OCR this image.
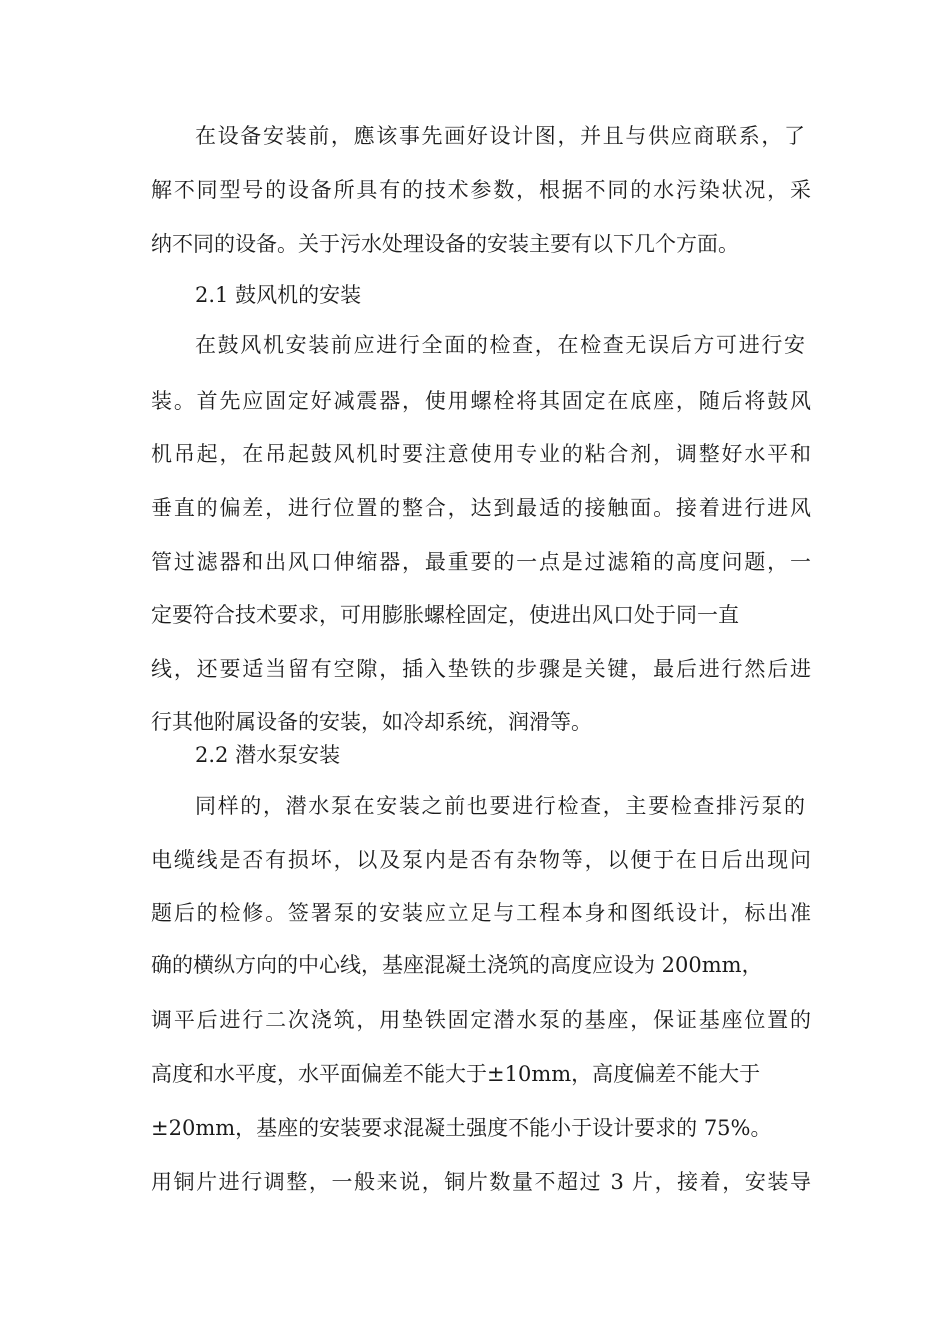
在设备安装前，應该事先画好设计图，并且与供应商联系，了
解不同型号的设备所具有的技术参数，根据不同的水污染状况，采
纳不同的设备。关于污水处理设备的安装主要有以下几个方面。
2.1 鼓风机的安装
在鼓风机安装前应进行全面的检查，在检查无误后方可进行安
装。首先应固定好减震器，使用螺栓将其固定在底座，随后将鼓风
机吊起，在吊起鼓风机时要注意使用专业的粘合剂，调整好水平和
垂直的偏差，进行位置的整合，达到最适的接触面。接着进行进风
管过滤器和出风口伸缩器，最重要的一点是过滤箱的高度问题，一
定要符合技术要求，可用膨胀螺栓固定，使进出风口处于同一直
线，还要适当留有空隙，插入垫铁的步骤是关键，最后进行然后进
行其他附属设备的安装，如冷却系统，润滑等。
2.2 潜水泵安装
同样的，潜水泵在安装之前也要进行检查，主要检查排污泵的
电缆线是否有损坏，以及泵内是否有杂物等，以便于在日后出现问
题后的检修。签署泵的安装应立足与工程本身和图纸设计，标出准
确的横纵方向的中心线，基座混凝土浇筑的高度应设为 200mm，
调平后进行二次浇筑，用垫铁固定潜水泵的基座，保证基座位置的
高度和水平度，水平面偏差不能大于±10mm，高度偏差不能大于
±20mm，基座的安装要求混凝土强度不能小于设计要求的 75%。
用铜片进行调整，一般来说，铜片数量不超过 3 片，接着，安装导
